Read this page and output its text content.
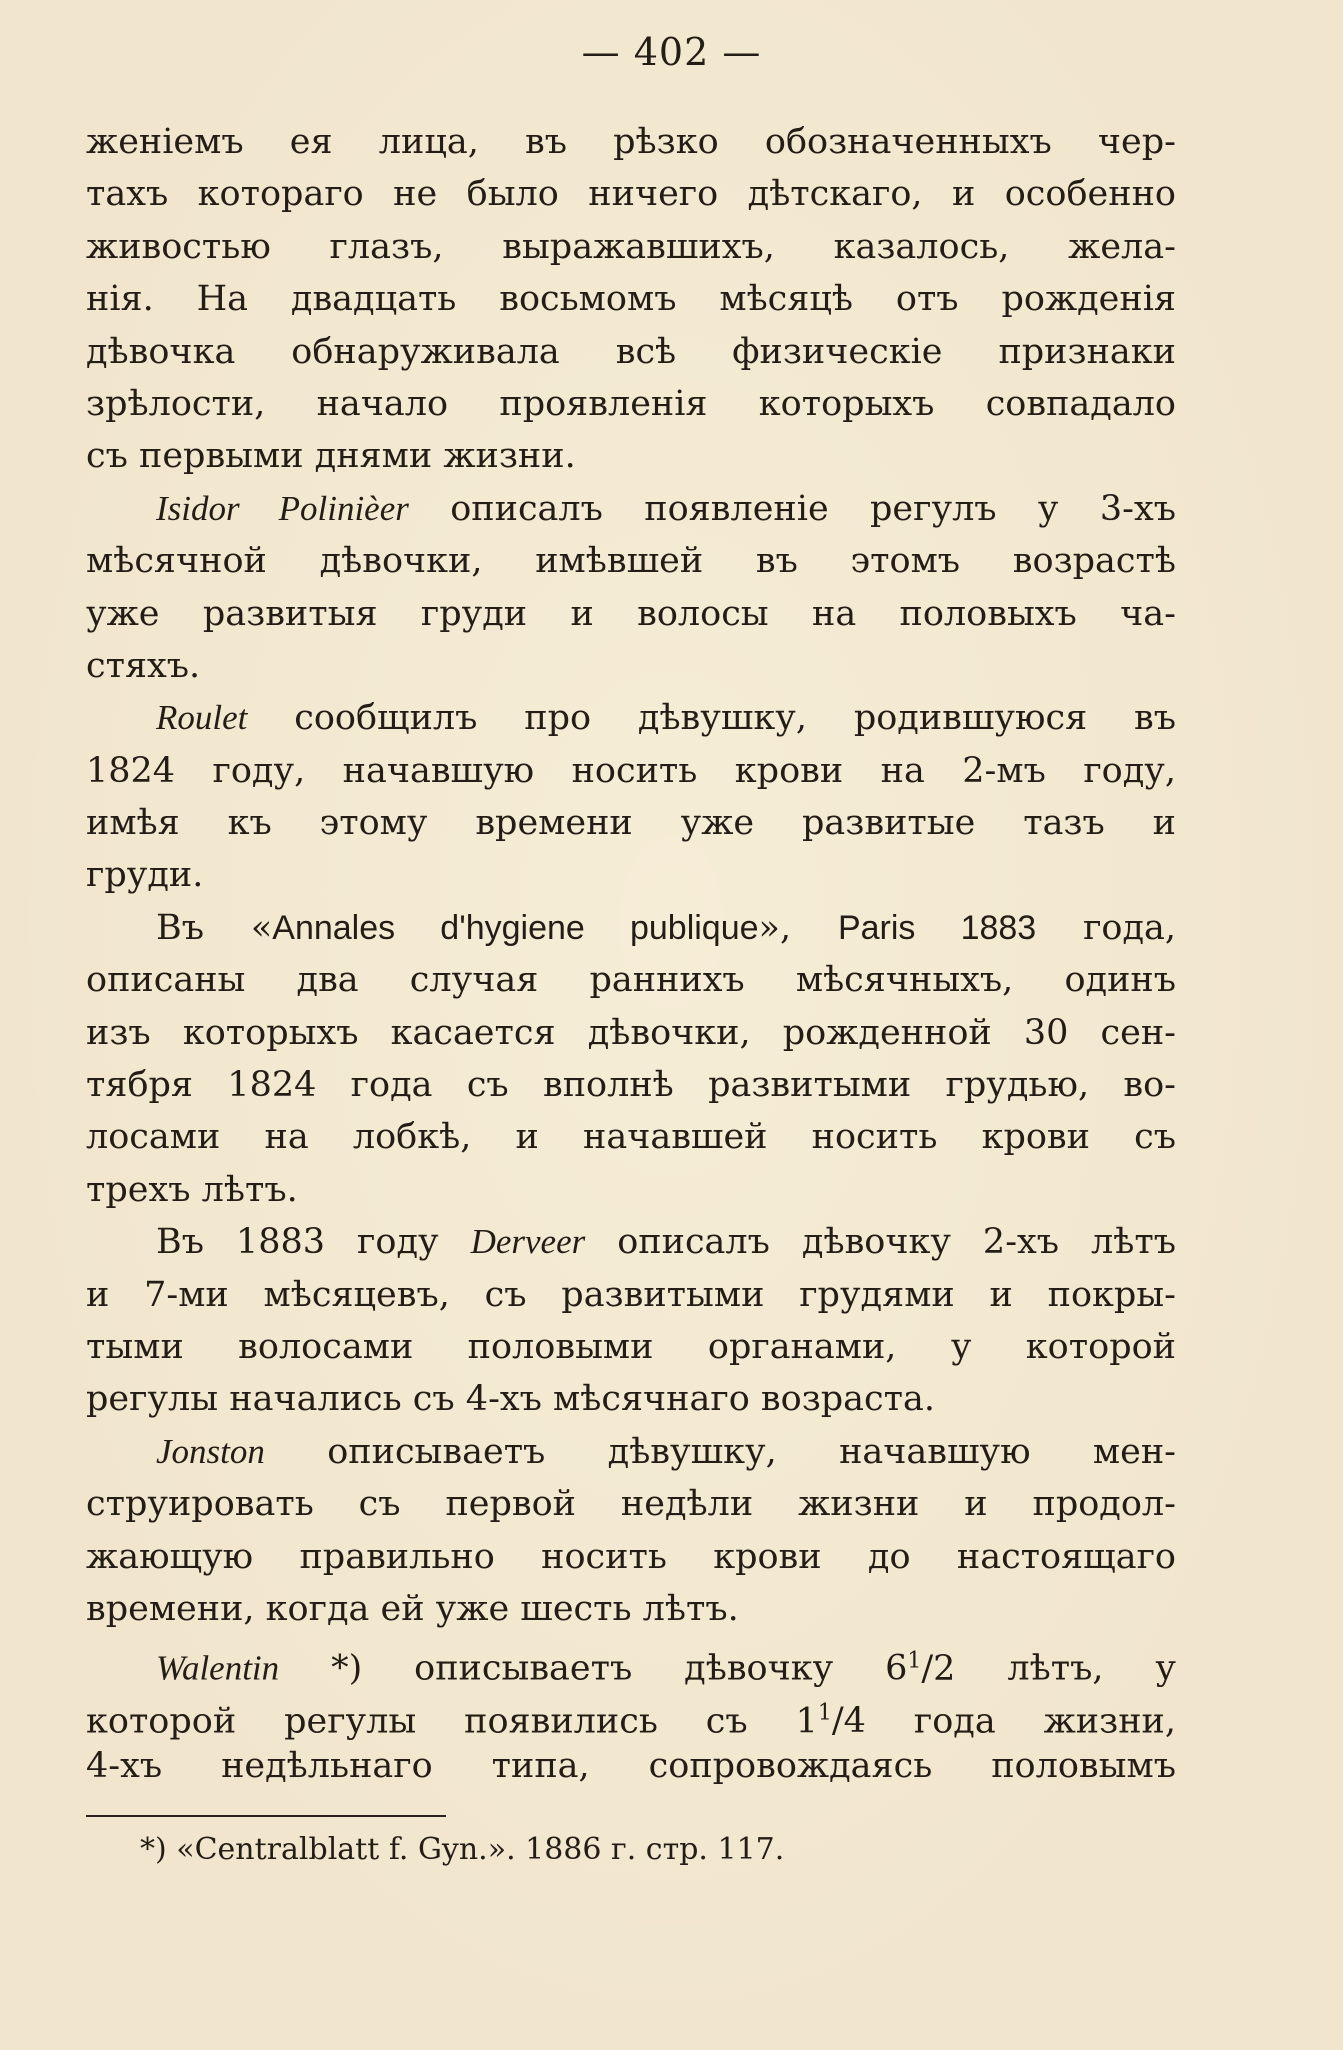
— 402 —
женіемъ ея лица, въ рѣзко обозначенныхъ чер-
тахъ котораго не было ничего дѣтскаго, и особенно
живостью глазъ, выражавшихъ, казалось, жела-
нія. На двадцать восьмомъ мѣсяцѣ отъ рожденія
дѣвочка обнаруживала всѣ физическіе признаки
зрѣлости, начало проявленія которыхъ совпадало
съ первыми днями жизни.
Isidor Polinièer описалъ появленіе регулъ у 3-хъ
мѣсячной дѣвочки, имѣвшей въ этомъ возрастѣ
уже развитыя груди и волосы на половыхъ ча-
стяхъ.
Roulet сообщилъ про дѣвушку, родившуюся въ
1824 году, начавшую носить крови на 2-мъ году,
имѣя къ этому времени уже развитые тазъ и
груди.
Въ «Annales d'hygiene publique», Paris 1883 года,
описаны два случая раннихъ мѣсячныхъ, одинъ
изъ которыхъ касается дѣвочки, рожденной 30 сен-
тября 1824 года съ вполнѣ развитыми грудью, во-
лосами на лобкѣ, и начавшей носить крови съ
трехъ лѣтъ.
Въ 1883 году Derveer описалъ дѣвочку 2-хъ лѣтъ
и 7-ми мѣсяцевъ, съ развитыми грудями и покры-
тыми волосами половыми органами, у которой
регулы начались съ 4-хъ мѣсячнаго возраста.
Jonston описываетъ дѣвушку, начавшую мен-
струировать съ первой недѣли жизни и продол-
жающую правильно носить крови до настоящаго
времени, когда ей уже шесть лѣтъ.
Walentin *) описываетъ дѣвочку $6^1/2$ лѣтъ, у
которой регулы появились съ $1^1/4$ года жизни,
4-хъ недѣльнаго типа, сопровождаясь половымъ
*) «Centralblatt f. Gyn.». 1886 г. стр. 117.
